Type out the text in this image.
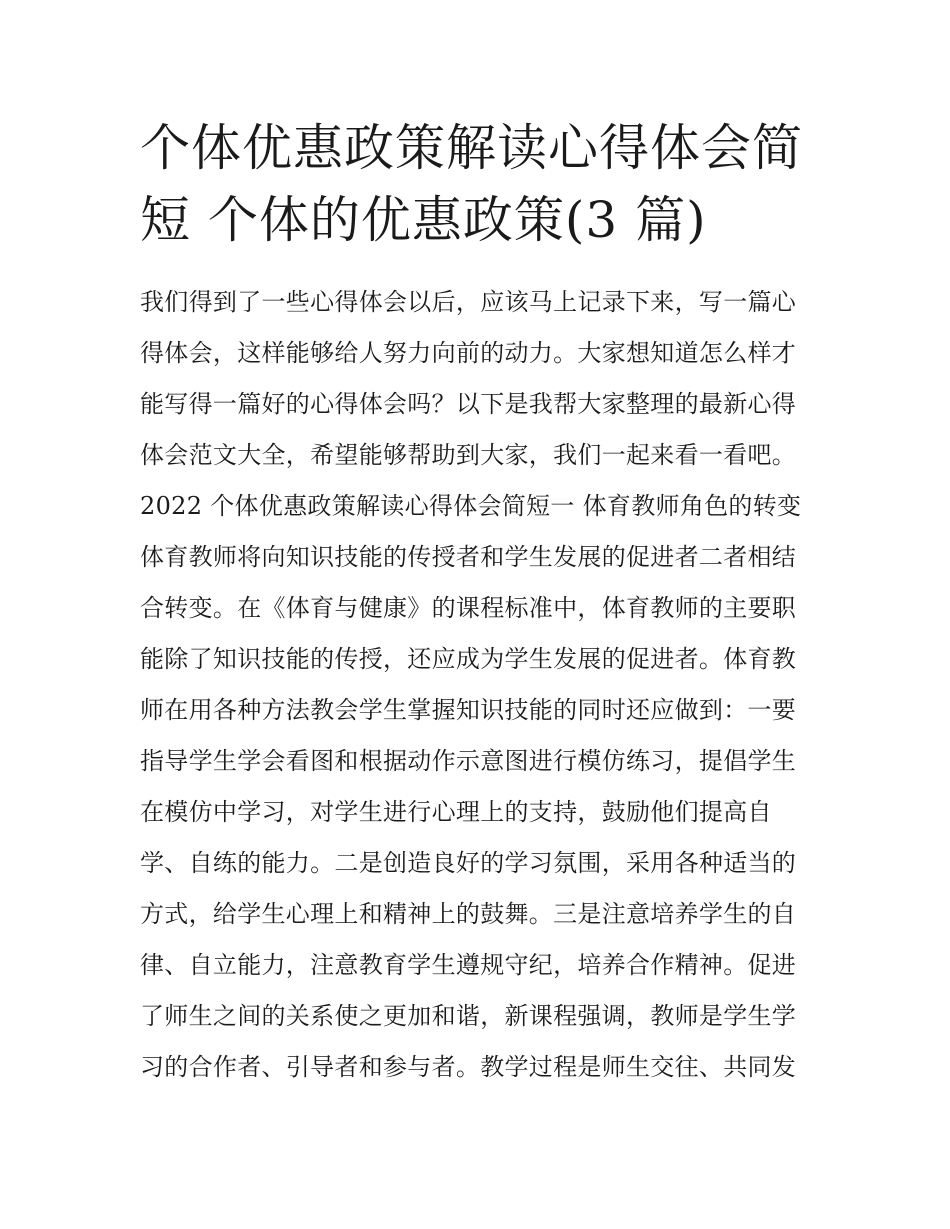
个体优惠政策解读心得体会简
短 个体的优惠政策(3 篇)
我们得到了一些心得体会以后，应该马上记录下来，写一篇心
得体会，这样能够给人努力向前的动力。大家想知道怎么样才
能写得一篇好的心得体会吗？以下是我帮大家整理的最新心得
体会范文大全，希望能够帮助到大家，我们一起来看一看吧。
2022 个体优惠政策解读心得体会简短一 体育教师角色的转变
体育教师将向知识技能的传授者和学生发展的促进者二者相结
合转变。在《体育与健康》的课程标准中，体育教师的主要职
能除了知识技能的传授，还应成为学生发展的促进者。体育教
师在用各种方法教会学生掌握知识技能的同时还应做到：一要
指导学生学会看图和根据动作示意图进行模仿练习，提倡学生
在模仿中学习，对学生进行心理上的支持，鼓励他们提高自
学、自练的能力。二是创造良好的学习氛围，采用各种适当的
方式，给学生心理上和精神上的鼓舞。三是注意培养学生的自
律、自立能力，注意教育学生遵规守纪，培养合作精神。促进
了师生之间的关系使之更加和谐，新课程强调，教师是学生学
习的合作者、引导者和参与者。教学过程是师生交往、共同发
